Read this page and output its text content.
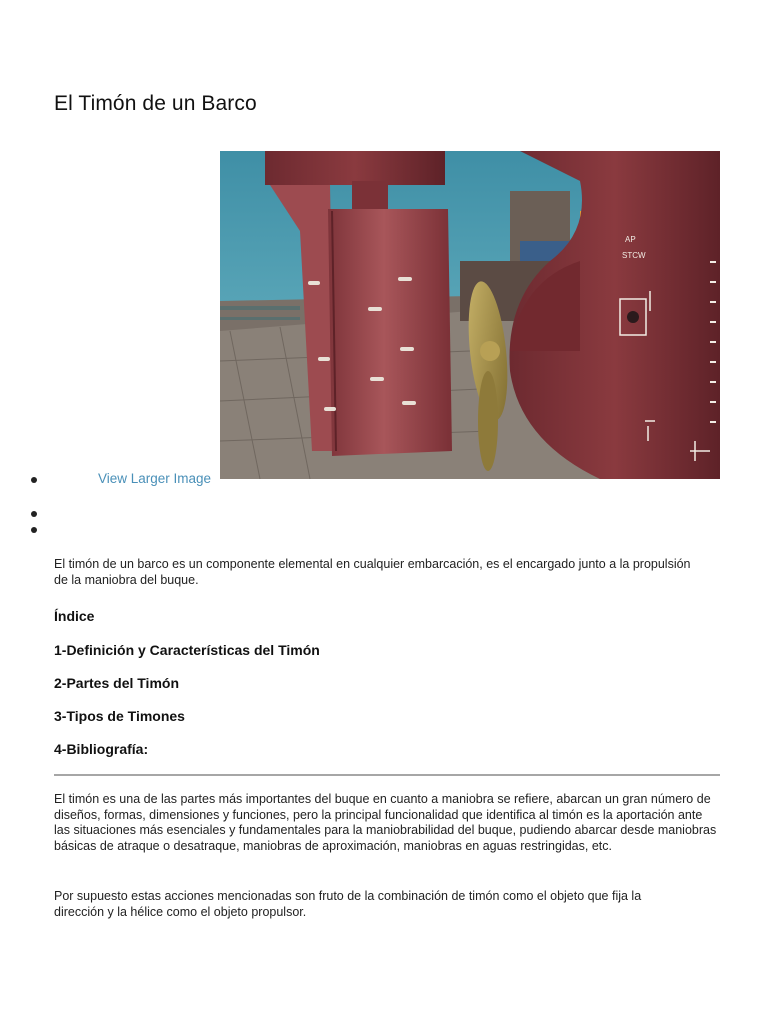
El Timón de un Barco
AP
STCW
View Larger Image

El timón de un barco es un componente elemental en cualquier embarcación, es el encargado junto a la propulsión de la maniobra del buque.

Índice
1-Definición y Características del Timón
2-Partes del Timón
3-Tipos de Timones
4-Bibliografía:

El timón es una de las partes más importantes del buque en cuanto a maniobra se refiere, abarcan un gran número de diseños, formas, dimensiones y funciones, pero la principal funcionalidad que identifica al timón es la aportación ante las situaciones más esenciales y fundamentales para la maniobrabilidad del buque, pudiendo abarcar desde maniobras básicas de atraque o desatraque, maniobras de aproximación, maniobras en aguas restringidas, etc.

Por supuesto estas acciones mencionadas son fruto de la combinación de timón como el objeto que fija la dirección y la hélice como el objeto propulsor.
